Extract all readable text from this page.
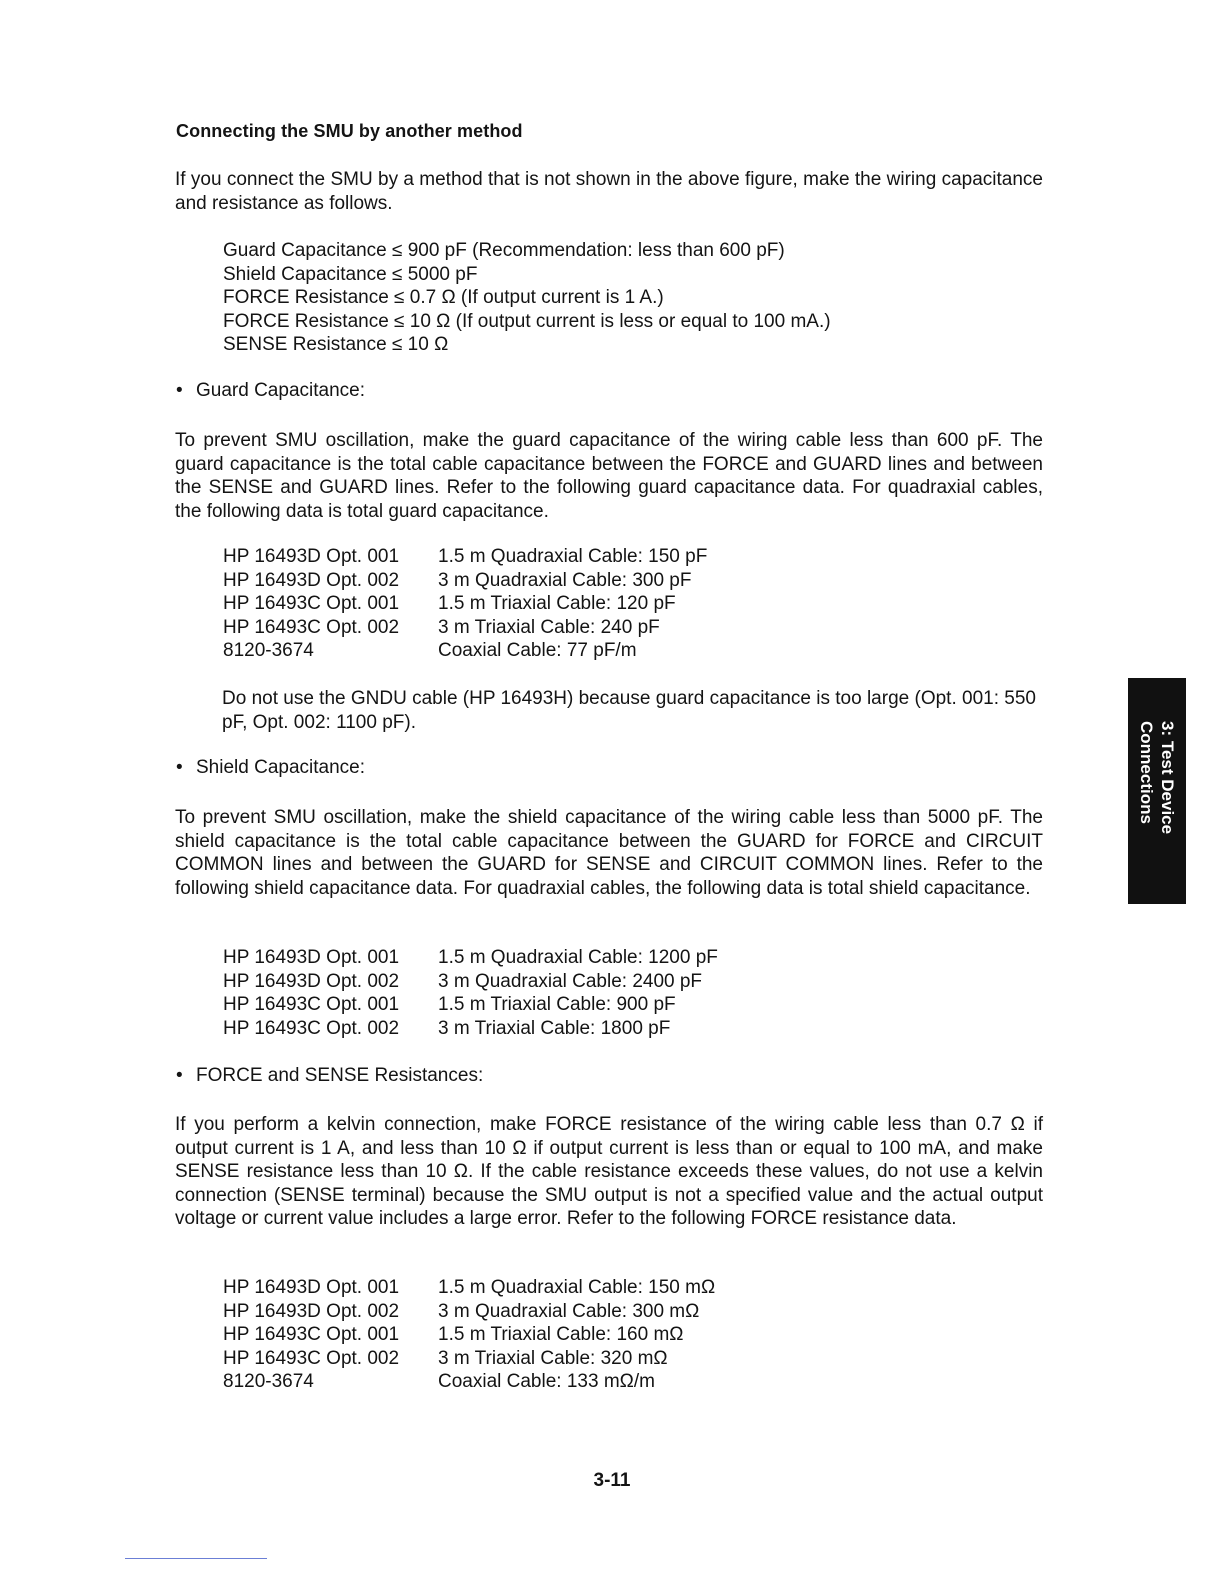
Connecting the SMU by another method
If you connect the SMU by a method that is not shown in the above figure, make the wiring capacitance and resistance as follows.
Guard Capacitance ≤ 900 pF (Recommendation: less than 600 pF)
Shield Capacitance ≤ 5000 pF
FORCE Resistance ≤ 0.7 Ω (If output current is 1 A.)
FORCE Resistance ≤ 10 Ω (If output current is less or equal to 100 mA.)
SENSE Resistance ≤ 10 Ω
• Guard Capacitance:
To prevent SMU oscillation, make the guard capacitance of the wiring cable less than 600 pF. The guard capacitance is the total cable capacitance between the FORCE and GUARD lines and between the SENSE and GUARD lines. Refer to the following guard capacitance data. For quadraxial cables, the following data is total guard capacitance.
HP 16493D Opt. 001	1.5 m Quadraxial Cable: 150 pF
HP 16493D Opt. 002	3 m Quadraxial Cable: 300 pF
HP 16493C Opt. 001	1.5 m Triaxial Cable: 120 pF
HP 16493C Opt. 002	3 m Triaxial Cable: 240 pF
8120-3674	Coaxial Cable: 77 pF/m
Do not use the GNDU cable (HP 16493H) because guard capacitance is too large (Opt. 001: 550 pF, Opt. 002: 1100 pF).
• Shield Capacitance:
To prevent SMU oscillation, make the shield capacitance of the wiring cable less than 5000 pF. The shield capacitance is the total cable capacitance between the GUARD for FORCE and CIRCUIT COMMON lines and between the GUARD for SENSE and CIRCUIT COMMON lines. Refer to the following shield capacitance data. For quadraxial cables, the following data is total shield capacitance.
HP 16493D Opt. 001	1.5 m Quadraxial Cable: 1200 pF
HP 16493D Opt. 002	3 m Quadraxial Cable: 2400 pF
HP 16493C Opt. 001	1.5 m Triaxial Cable: 900 pF
HP 16493C Opt. 002	3 m Triaxial Cable: 1800 pF
• FORCE and SENSE Resistances:
If you perform a kelvin connection, make FORCE resistance of the wiring cable less than 0.7 Ω if output current is 1 A, and less than 10 Ω if output current is less than or equal to 100 mA, and make SENSE resistance less than 10 Ω. If the cable resistance exceeds these values, do not use a kelvin connection (SENSE terminal) because the SMU output is not a specified value and the actual output voltage or current value includes a large error. Refer to the following FORCE resistance data.
HP 16493D Opt. 001	1.5 m Quadraxial Cable: 150 mΩ
HP 16493D Opt. 002	3 m Quadraxial Cable: 300 mΩ
HP 16493C Opt. 001	1.5 m Triaxial Cable: 160 mΩ
HP 16493C Opt. 002	3 m Triaxial Cable: 320 mΩ
8120-3674	Coaxial Cable: 133 mΩ/m
3: Test Device
Connections
3-11
